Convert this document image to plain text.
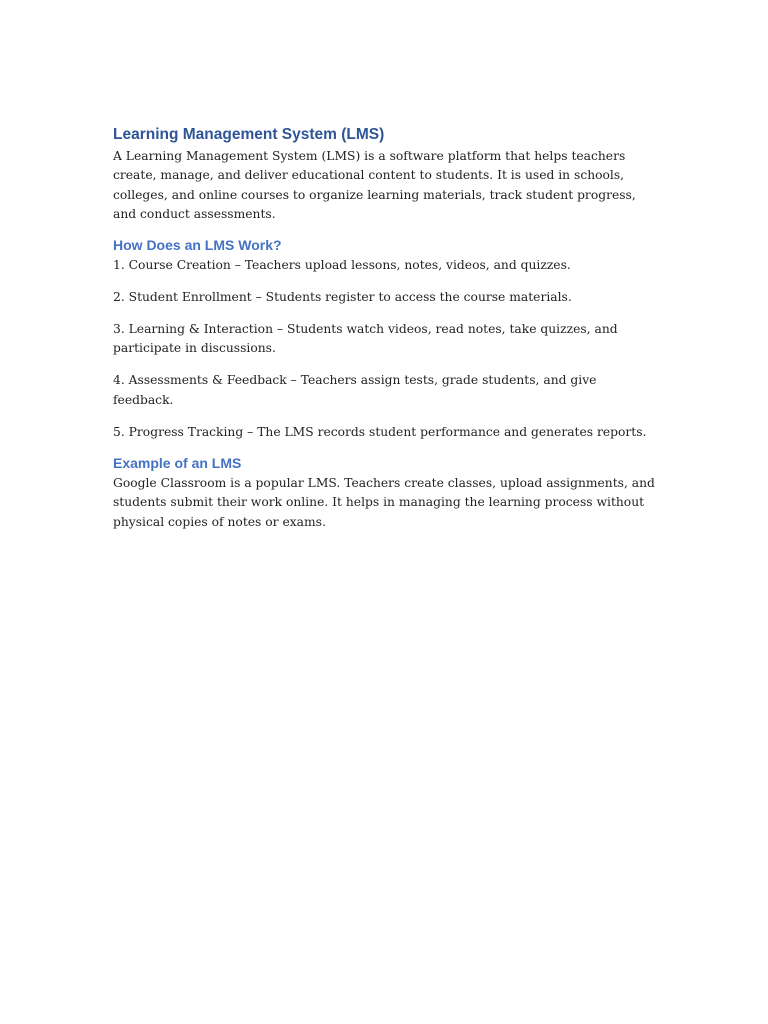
Learning Management System (LMS)

A Learning Management System (LMS) is a software platform that helps teachers create, manage, and deliver educational content to students. It is used in schools, colleges, and online courses to organize learning materials, track student progress, and conduct assessments.

How Does an LMS Work?

1. Course Creation – Teachers upload lessons, notes, videos, and quizzes.

2. Student Enrollment – Students register to access the course materials.

3. Learning & Interaction – Students watch videos, read notes, take quizzes, and participate in discussions.

4. Assessments & Feedback – Teachers assign tests, grade students, and give feedback.

5. Progress Tracking – The LMS records student performance and generates reports.

Example of an LMS

Google Classroom is a popular LMS. Teachers create classes, upload assignments, and students submit their work online. It helps in managing the learning process without physical copies of notes or exams.
